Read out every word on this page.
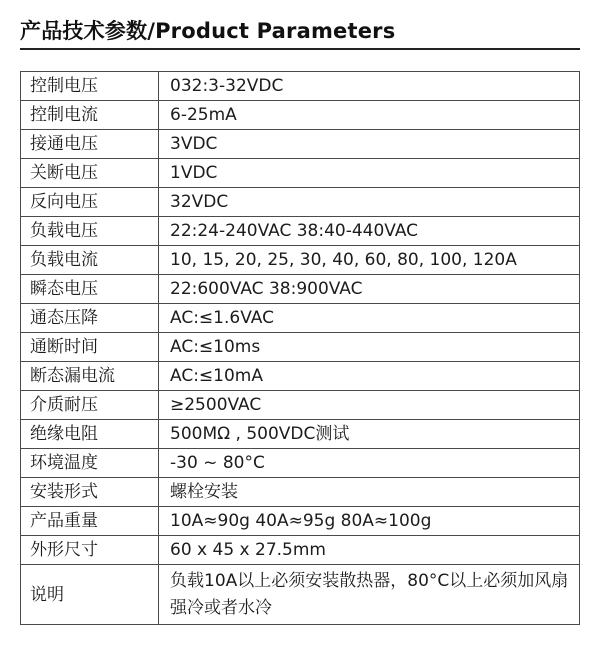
产品技术参数/Product Parameters
控制电压	032:3-32VDC
控制电流	6-25mA
接通电压	3VDC
关断电压	1VDC
反向电压	32VDC
负载电压	22:24-240VAC 38:40-440VAC
负载电流	10, 15, 20, 25, 30, 40, 60, 80, 100, 120A
瞬态电压	22:600VAC 38:900VAC
通态压降	AC:≤1.6VAC
通断时间	AC:≤10ms
断态漏电流	AC:≤10mA
介质耐压	≥2500VAC
绝缘电阻	500MΩ , 500VDC测试
环境温度	-30 ~ 80°C
安装形式	螺栓安装
产品重量	10A≈90g 40A≈95g 80A≈100g
外形尺寸	60 x 45 x 27.5mm
说明	负载10A以上必须安装散热器，80°C以上必须加风扇强冷或者水冷
